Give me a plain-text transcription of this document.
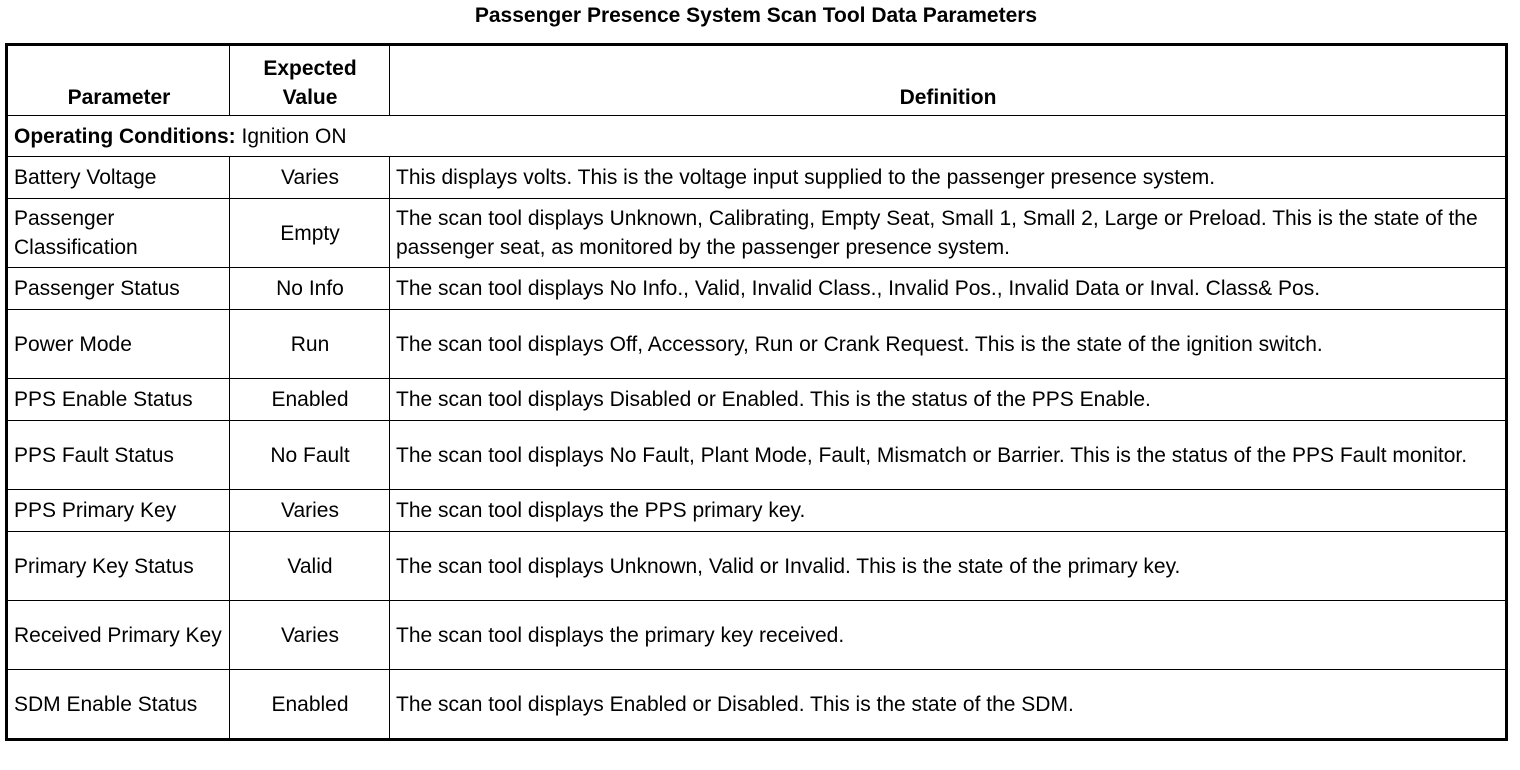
Passenger Presence System Scan Tool Data Parameters
Parameter	Expected Value	Definition
Operating Conditions: Ignition ON		
Battery Voltage	Varies	This displays volts. This is the voltage input supplied to the passenger presence system.
Passenger Classification	Empty	The scan tool displays Unknown, Calibrating, Empty Seat, Small 1, Small 2, Large or Preload. This is the state of the passenger seat, as monitored by the passenger presence system.
Passenger Status	No Info	The scan tool displays No Info., Valid, Invalid Class., Invalid Pos., Invalid Data or Inval. Class& Pos.
Power Mode	Run	The scan tool displays Off, Accessory, Run or Crank Request. This is the state of the ignition switch.
PPS Enable Status	Enabled	The scan tool displays Disabled or Enabled. This is the status of the PPS Enable.
PPS Fault Status	No Fault	The scan tool displays No Fault, Plant Mode, Fault, Mismatch or Barrier. This is the status of the PPS Fault monitor.
PPS Primary Key	Varies	The scan tool displays the PPS primary key.
Primary Key Status	Valid	The scan tool displays Unknown, Valid or Invalid. This is the state of the primary key.
Received Primary Key	Varies	The scan tool displays the primary key received.
SDM Enable Status	Enabled	The scan tool displays Enabled or Disabled. This is the state of the SDM.
